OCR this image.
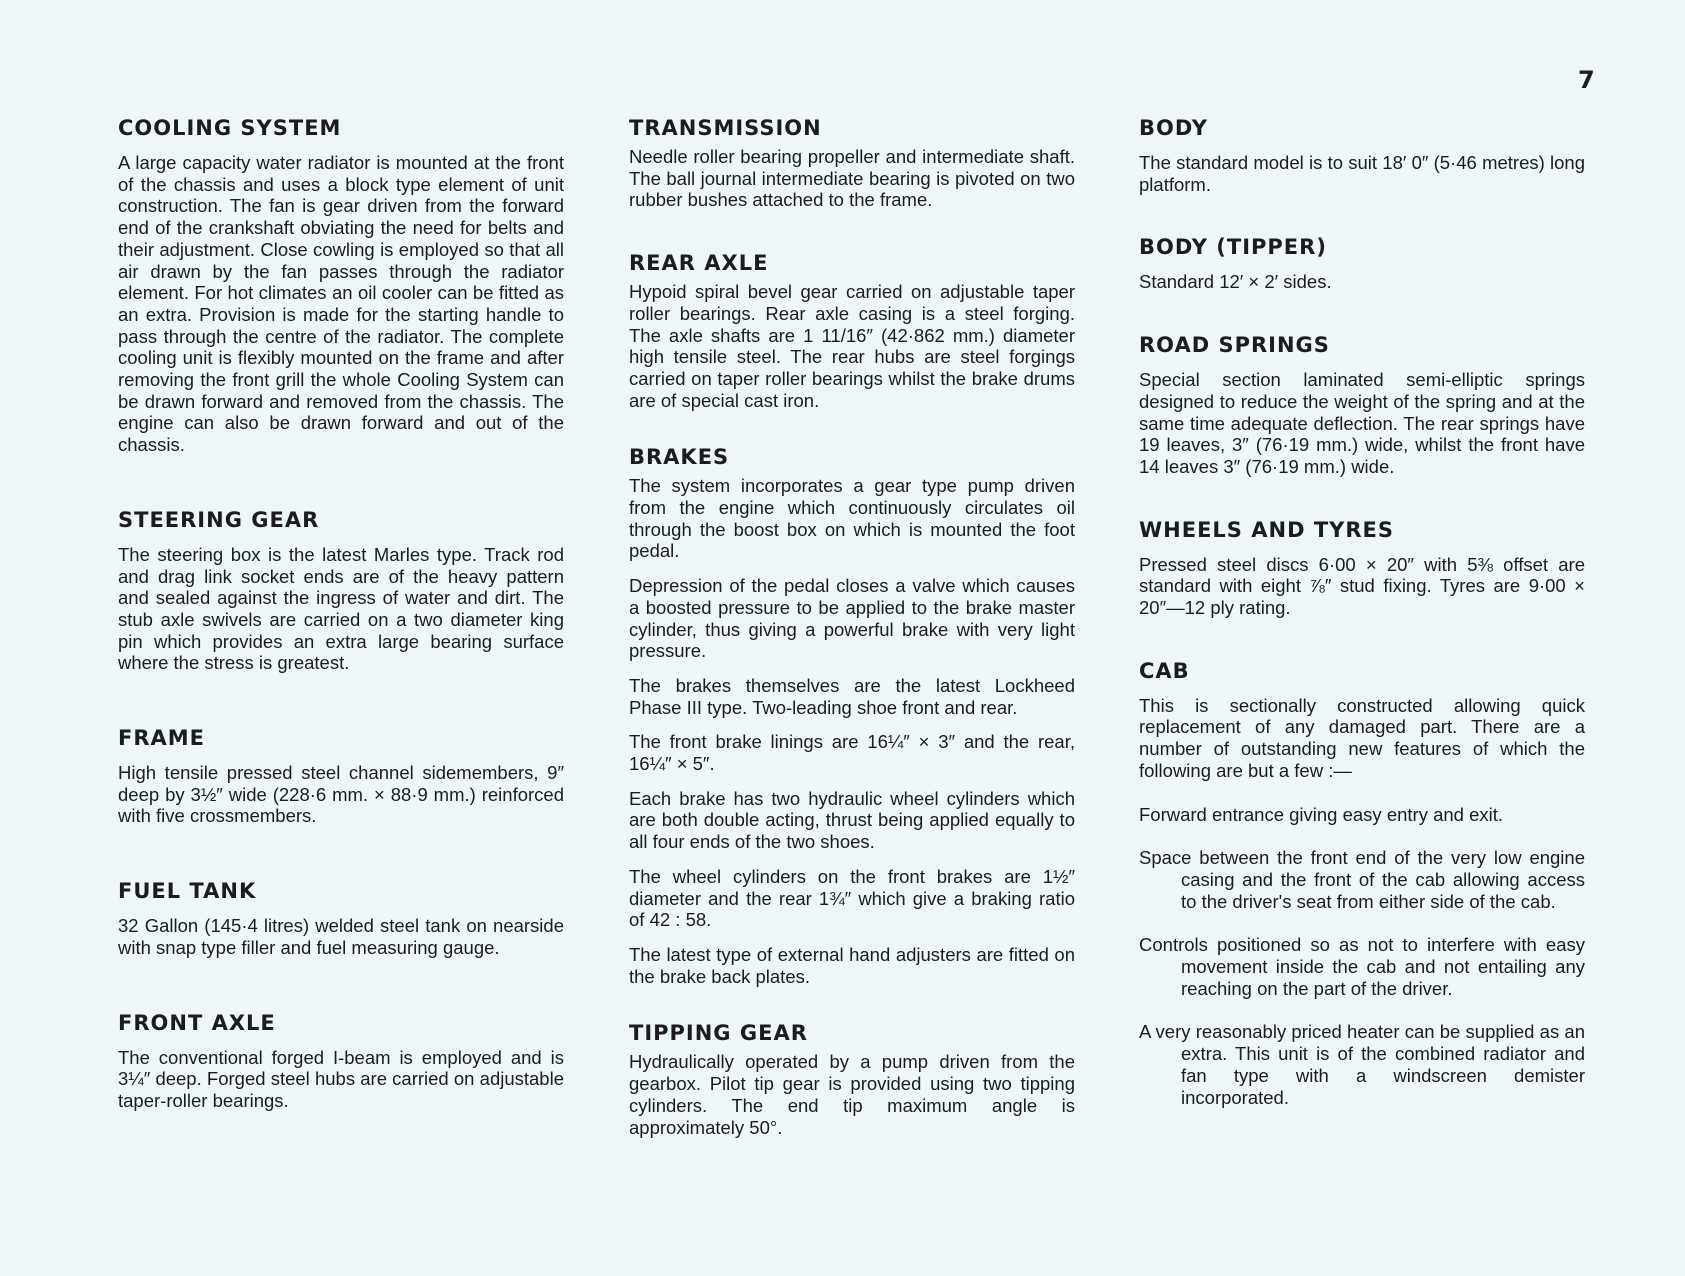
7
COOLING SYSTEM

A large capacity water radiator is mounted at the front of the chassis and uses a block type element of unit construction. The fan is gear driven from the forward end of the crankshaft obviating the need for belts and their adjustment. Close cowling is employed so that all air drawn by the fan passes through the radiator element. For hot climates an oil cooler can be fitted as an extra. Provision is made for the starting handle to pass through the centre of the radiator. The complete cooling unit is flexibly mounted on the frame and after removing the front grill the whole Cooling System can be drawn forward and removed from the chassis. The engine can also be drawn forward and out of the chassis.

STEERING GEAR

The steering box is the latest Marles type. Track rod and drag link socket ends are of the heavy pattern and sealed against the ingress of water and dirt. The stub axle swivels are carried on a two diameter king pin which provides an extra large bearing surface where the stress is greatest.

FRAME

High tensile pressed steel channel sidemembers, 9″ deep by 3½″ wide (228·6 mm. × 88·9 mm.) reinforced with five crossmembers.

FUEL TANK

32 Gallon (145·4 litres) welded steel tank on nearside with snap type filler and fuel measuring gauge.

FRONT AXLE

The conventional forged I-beam is employed and is 3¼″ deep. Forged steel hubs are carried on adjustable taper-roller bearings.

TRANSMISSION

Needle roller bearing propeller and intermediate shaft. The ball journal intermediate bearing is pivoted on two rubber bushes attached to the frame.

REAR AXLE

Hypoid spiral bevel gear carried on adjustable taper roller bearings. Rear axle casing is a steel forging. The axle shafts are 1 11/16″ (42·862 mm.) diameter high tensile steel. The rear hubs are steel forgings carried on taper roller bearings whilst the brake drums are of special cast iron.

BRAKES

The system incorporates a gear type pump driven from the engine which continuously circulates oil through the boost box on which is mounted the foot pedal.

Depression of the pedal closes a valve which causes a boosted pressure to be applied to the brake master cylinder, thus giving a powerful brake with very light pressure.

The brakes themselves are the latest Lockheed Phase III type. Two-leading shoe front and rear.

The front brake linings are 16¼″ × 3″ and the rear, 16¼″ × 5″.

Each brake has two hydraulic wheel cylinders which are both double acting, thrust being applied equally to all four ends of the two shoes.

The wheel cylinders on the front brakes are 1½″ diameter and the rear 1¾″ which give a braking ratio of 42 : 58.

The latest type of external hand adjusters are fitted on the brake back plates.

TIPPING GEAR

Hydraulically operated by a pump driven from the gearbox. Pilot tip gear is provided using two tipping cylinders. The end tip maximum angle is approximately 50°.

BODY

The standard model is to suit 18′ 0″ (5·46 metres) long platform.

BODY (TIPPER)

Standard 12′ × 2′ sides.

ROAD SPRINGS

Special section laminated semi-elliptic springs designed to reduce the weight of the spring and at the same time adequate deflection. The rear springs have 19 leaves, 3″ (76·19 mm.) wide, whilst the front have 14 leaves 3″ (76·19 mm.) wide.

WHEELS AND TYRES

Pressed steel discs 6·00 × 20″ with 5⅜ offset are standard with eight ⅞″ stud fixing. Tyres are 9·00 × 20″—12 ply rating.

CAB

This is sectionally constructed allowing quick replacement of any damaged part. There are a number of outstanding new features of which the following are but a few :—

Forward entrance giving easy entry and exit.

Space between the front end of the very low engine casing and the front of the cab allowing access to the driver's seat from either side of the cab.

Controls positioned so as not to interfere with easy movement inside the cab and not entailing any reaching on the part of the driver.

A very reasonably priced heater can be supplied as an extra. This unit is of the combined radiator and fan type with a windscreen demister incorporated.
